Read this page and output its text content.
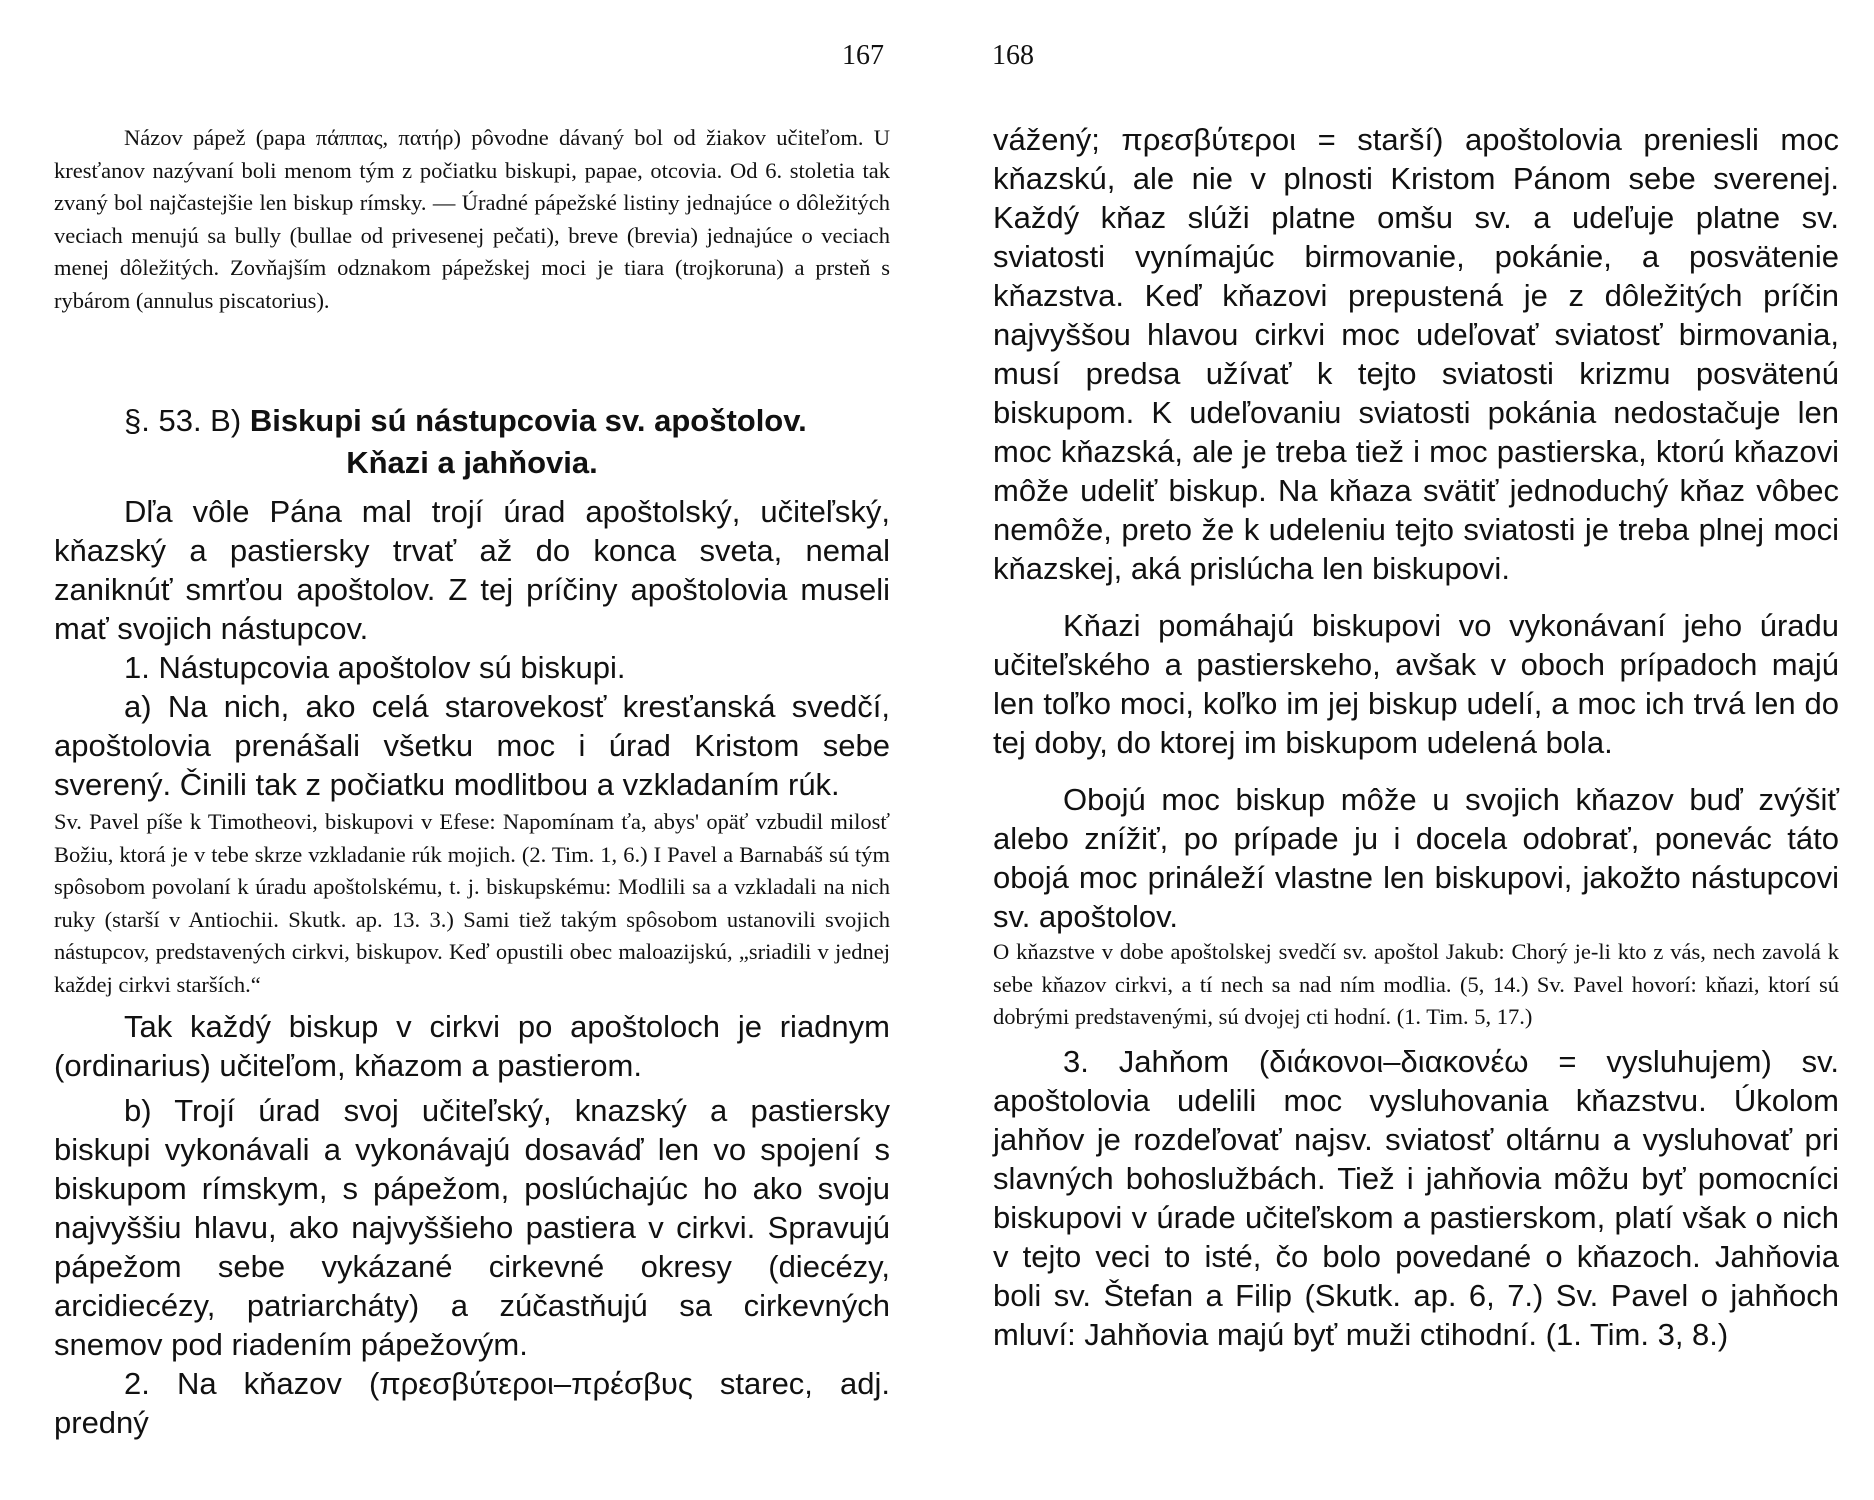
167

Názov pápež (papa πάππας, πατήρ) pôvodne dávaný bol od žiakov učiteľom. U kresťanov nazývaní boli menom tým z počiatku biskupi, papae, otcovia. Od 6. stoletia tak zvaný bol najčastejšie len biskup rímsky. — Úradné pápežské listiny jednajúce o dôležitých veciach menujú sa bully (bullae od privesenej pečati), breve (brevia) jednajúce o veciach menej dôležitých. Zovňajším odznakom pápežskej moci je tiara (trojkoruna) a prsteň s rybárom (annulus piscatorius).

§. 53. B) Biskupi sú nástupcovia sv. apoštolov.

Kňazi a jahňovia.

Dľa vôle Pána mal trojí úrad apoštolský, učiteľský, kňazský a pastiersky trvať až do konca sveta, nemal zaniknúť smrťou apoštolov. Z tej príčiny apoštolovia museli mať svojich nástupcov.

1. Nástupcovia apoštolov sú biskupi.

a) Na nich, ako celá starovekosť kresťanská svedčí, apoštolovia prenášali všetku moc i úrad Kristom sebe sverený. Činili tak z počiatku modlitbou a vzkladaním rúk.

Sv. Pavel píše k Timotheovi, biskupovi v Efese: Napomínam ťa, abys' opäť vzbudil milosť Božiu, ktorá je v tebe skrze vzkladanie rúk mojich. (2. Tim. 1, 6.) I Pavel a Barnabáš sú tým spôsobom povolaní k úradu apoštolskému, t. j. biskupskému: Modlili sa a vzkladali na nich ruky (starší v Antiochii. Skutk. ap. 13. 3.) Sami tiež takým spôsobom ustanovili svojich nástupcov, predstavených cirkvi, biskupov. Keď opustili obec maloazijskú, „sriadili v jednej každej cirkvi starších.“

Tak každý biskup v cirkvi po apoštoloch je riadnym (ordinarius) učiteľom, kňazom a pastierom.

b) Trojí úrad svoj učiteľský, knazský a pastiersky biskupi vykonávali a vykonávajú dosaváď len vo spojení s biskupom rímskym, s pápežom, poslúchajúc ho ako svoju najvyššiu hlavu, ako najvyššieho pastiera v cirkvi. Spravujú pápežom sebe vykázané cirkevné okresy (diecézy, arcidiecézy, patriarcháty) a zúčastňujú sa cirkevných snemov pod riadením pápežovým.

2. Na kňazov (πρεσβύτεροι–πρέσβυς starec, adj. predný

168

vážený; πρεσβύτεροι = starší) apoštolovia preniesli moc kňazskú, ale nie v plnosti Kristom Pánom sebe sverenej. Každý kňaz slúži platne omšu sv. a udeľuje platne sv. sviatosti vynímajúc birmovanie, pokánie, a posvätenie kňazstva. Keď kňazovi prepustená je z dôležitých príčin najvyššou hlavou cirkvi moc udeľovať sviatosť birmovania, musí predsa užívať k tejto sviatosti krizmu posvätenú biskupom. K udeľovaniu sviatosti pokánia nedostačuje len moc kňazská, ale je treba tiež i moc pastierska, ktorú kňazovi môže udeliť biskup. Na kňaza svätiť jednoduchý kňaz vôbec nemôže, preto že k udeleniu tejto sviatosti je treba plnej moci kňazskej, aká prislúcha len biskupovi.

Kňazi pomáhajú biskupovi vo vykonávaní jeho úradu učiteľského a pastierskeho, avšak v oboch prípadoch majú len toľko moci, koľko im jej biskup udelí, a moc ich trvá len do tej doby, do ktorej im biskupom udelená bola.

Obojú moc biskup môže u svojich kňazov buď zvýšiť alebo znížiť, po prípade ju i docela odobrať, ponevác táto obojá moc prináleží vlastne len biskupovi, jakožto nástupcovi sv. apoštolov.

O kňazstve v dobe apoštolskej svedčí sv. apoštol Jakub: Chorý je-li kto z vás, nech zavolá k sebe kňazov cirkvi, a tí nech sa nad ním modlia. (5, 14.) Sv. Pavel hovorí: kňazi, ktorí sú dobrými predstavenými, sú dvojej cti hodní. (1. Tim. 5, 17.)

3. Jahňom (διάκονοι–διακονέω = vysluhujem) sv. apoštolovia udelili moc vysluhovania kňazstvu. Úkolom jahňov je rozdeľovať najsv. sviatosť oltárnu a vysluhovať pri slavných bohoslužbách. Tiež i jahňovia môžu byť pomocníci biskupovi v úrade učiteľskom a pastierskom, platí však o nich v tejto veci to isté, čo bolo povedané o kňazoch. Jahňovia boli sv. Štefan a Filip (Skutk. ap. 6, 7.) Sv. Pavel o jahňoch mluví: Jahňovia majú byť muži ctihodní. (1. Tim. 3, 8.)
